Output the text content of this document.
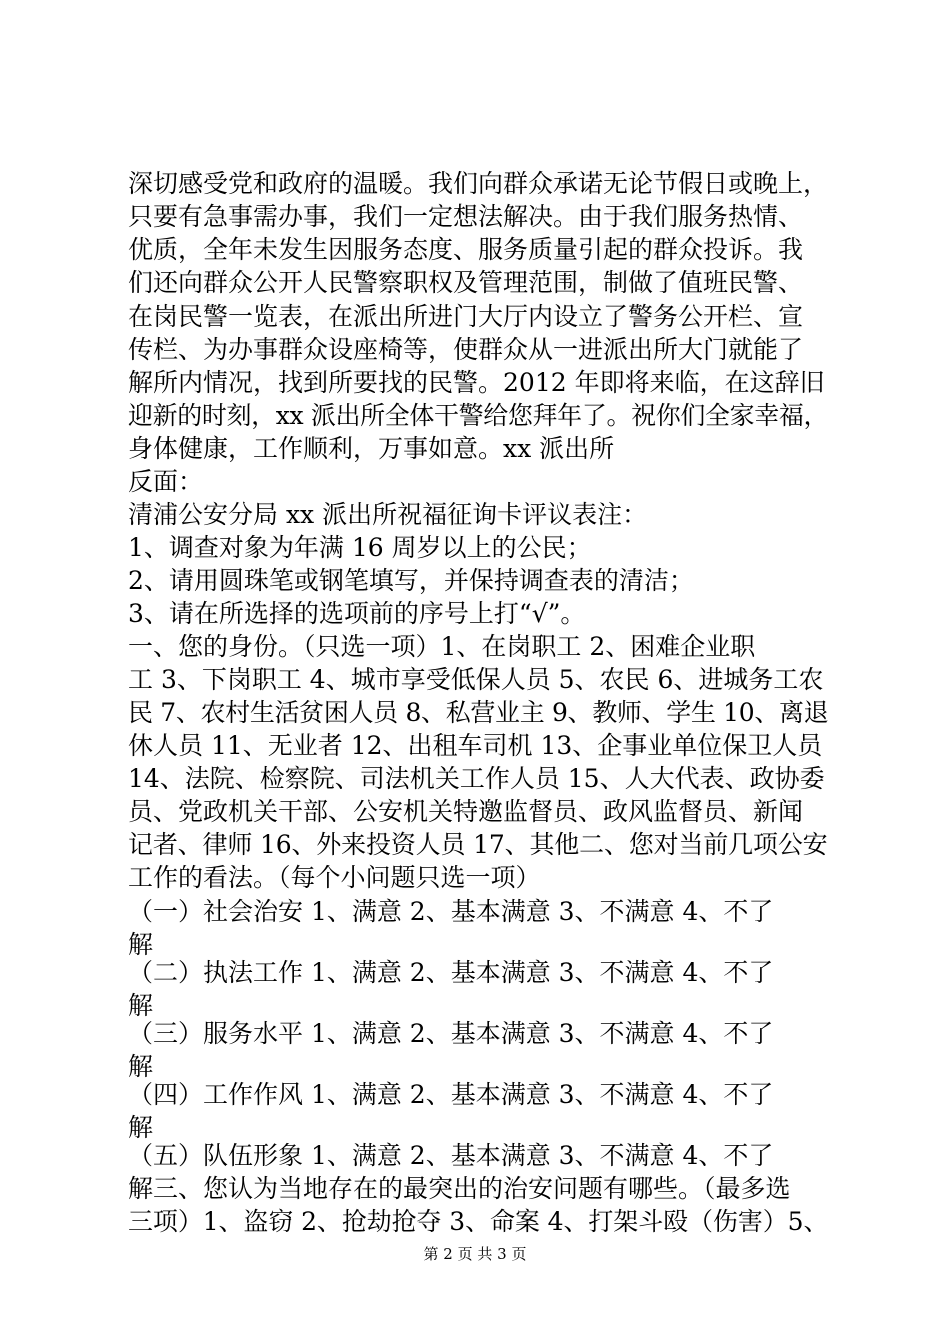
深切感受党和政府的温暖。我们向群众承诺无论节假日或晚上，
只要有急事需办事，我们一定想法解决。由于我们服务热情、
优质，全年未发生因服务态度、服务质量引起的群众投诉。我
们还向群众公开人民警察职权及管理范围，制做了值班民警、
在岗民警一览表，在派出所进门大厅内设立了警务公开栏、宣
传栏、为办事群众设座椅等，使群众从一进派出所大门就能了
解所内情况，找到所要找的民警。2012 年即将来临，在这辞旧
迎新的时刻，xx 派出所全体干警给您拜年了。祝你们全家幸福，
身体健康，工作顺利，万事如意。xx 派出所
反面：
清浦公安分局 xx 派出所祝福征询卡评议表注：
1、调查对象为年满 16 周岁以上的公民；
2、请用圆珠笔或钢笔填写，并保持调查表的清洁；
3、请在所选择的选项前的序号上打“√”。
一、您的身份。（只选一项）1、在岗职工 2、困难企业职
工 3、下岗职工 4、城市享受低保人员 5、农民 6、进城务工农
民 7、农村生活贫困人员 8、私营业主 9、教师、学生 10、离退
休人员 11、无业者 12、出租车司机 13、企事业单位保卫人员
14、法院、检察院、司法机关工作人员 15、人大代表、政协委
员、党政机关干部、公安机关特邀监督员、政风监督员、新闻
记者、律师 16、外来投资人员 17、其他二、您对当前几项公安
工作的看法。（每个小问题只选一项）
（一）社会治安 1、满意 2、基本满意 3、不满意 4、不了
解
（二）执法工作 1、满意 2、基本满意 3、不满意 4、不了
解
（三）服务水平 1、满意 2、基本满意 3、不满意 4、不了
解
（四）工作作风 1、满意 2、基本满意 3、不满意 4、不了
解
（五）队伍形象 1、满意 2、基本满意 3、不满意 4、不了
解三、您认为当地存在的最突出的治安问题有哪些。（最多选
三项）1、盗窃 2、抢劫抢夺 3、命案 4、打架斗殴（伤害）5、
第 2 页 共 3 页
